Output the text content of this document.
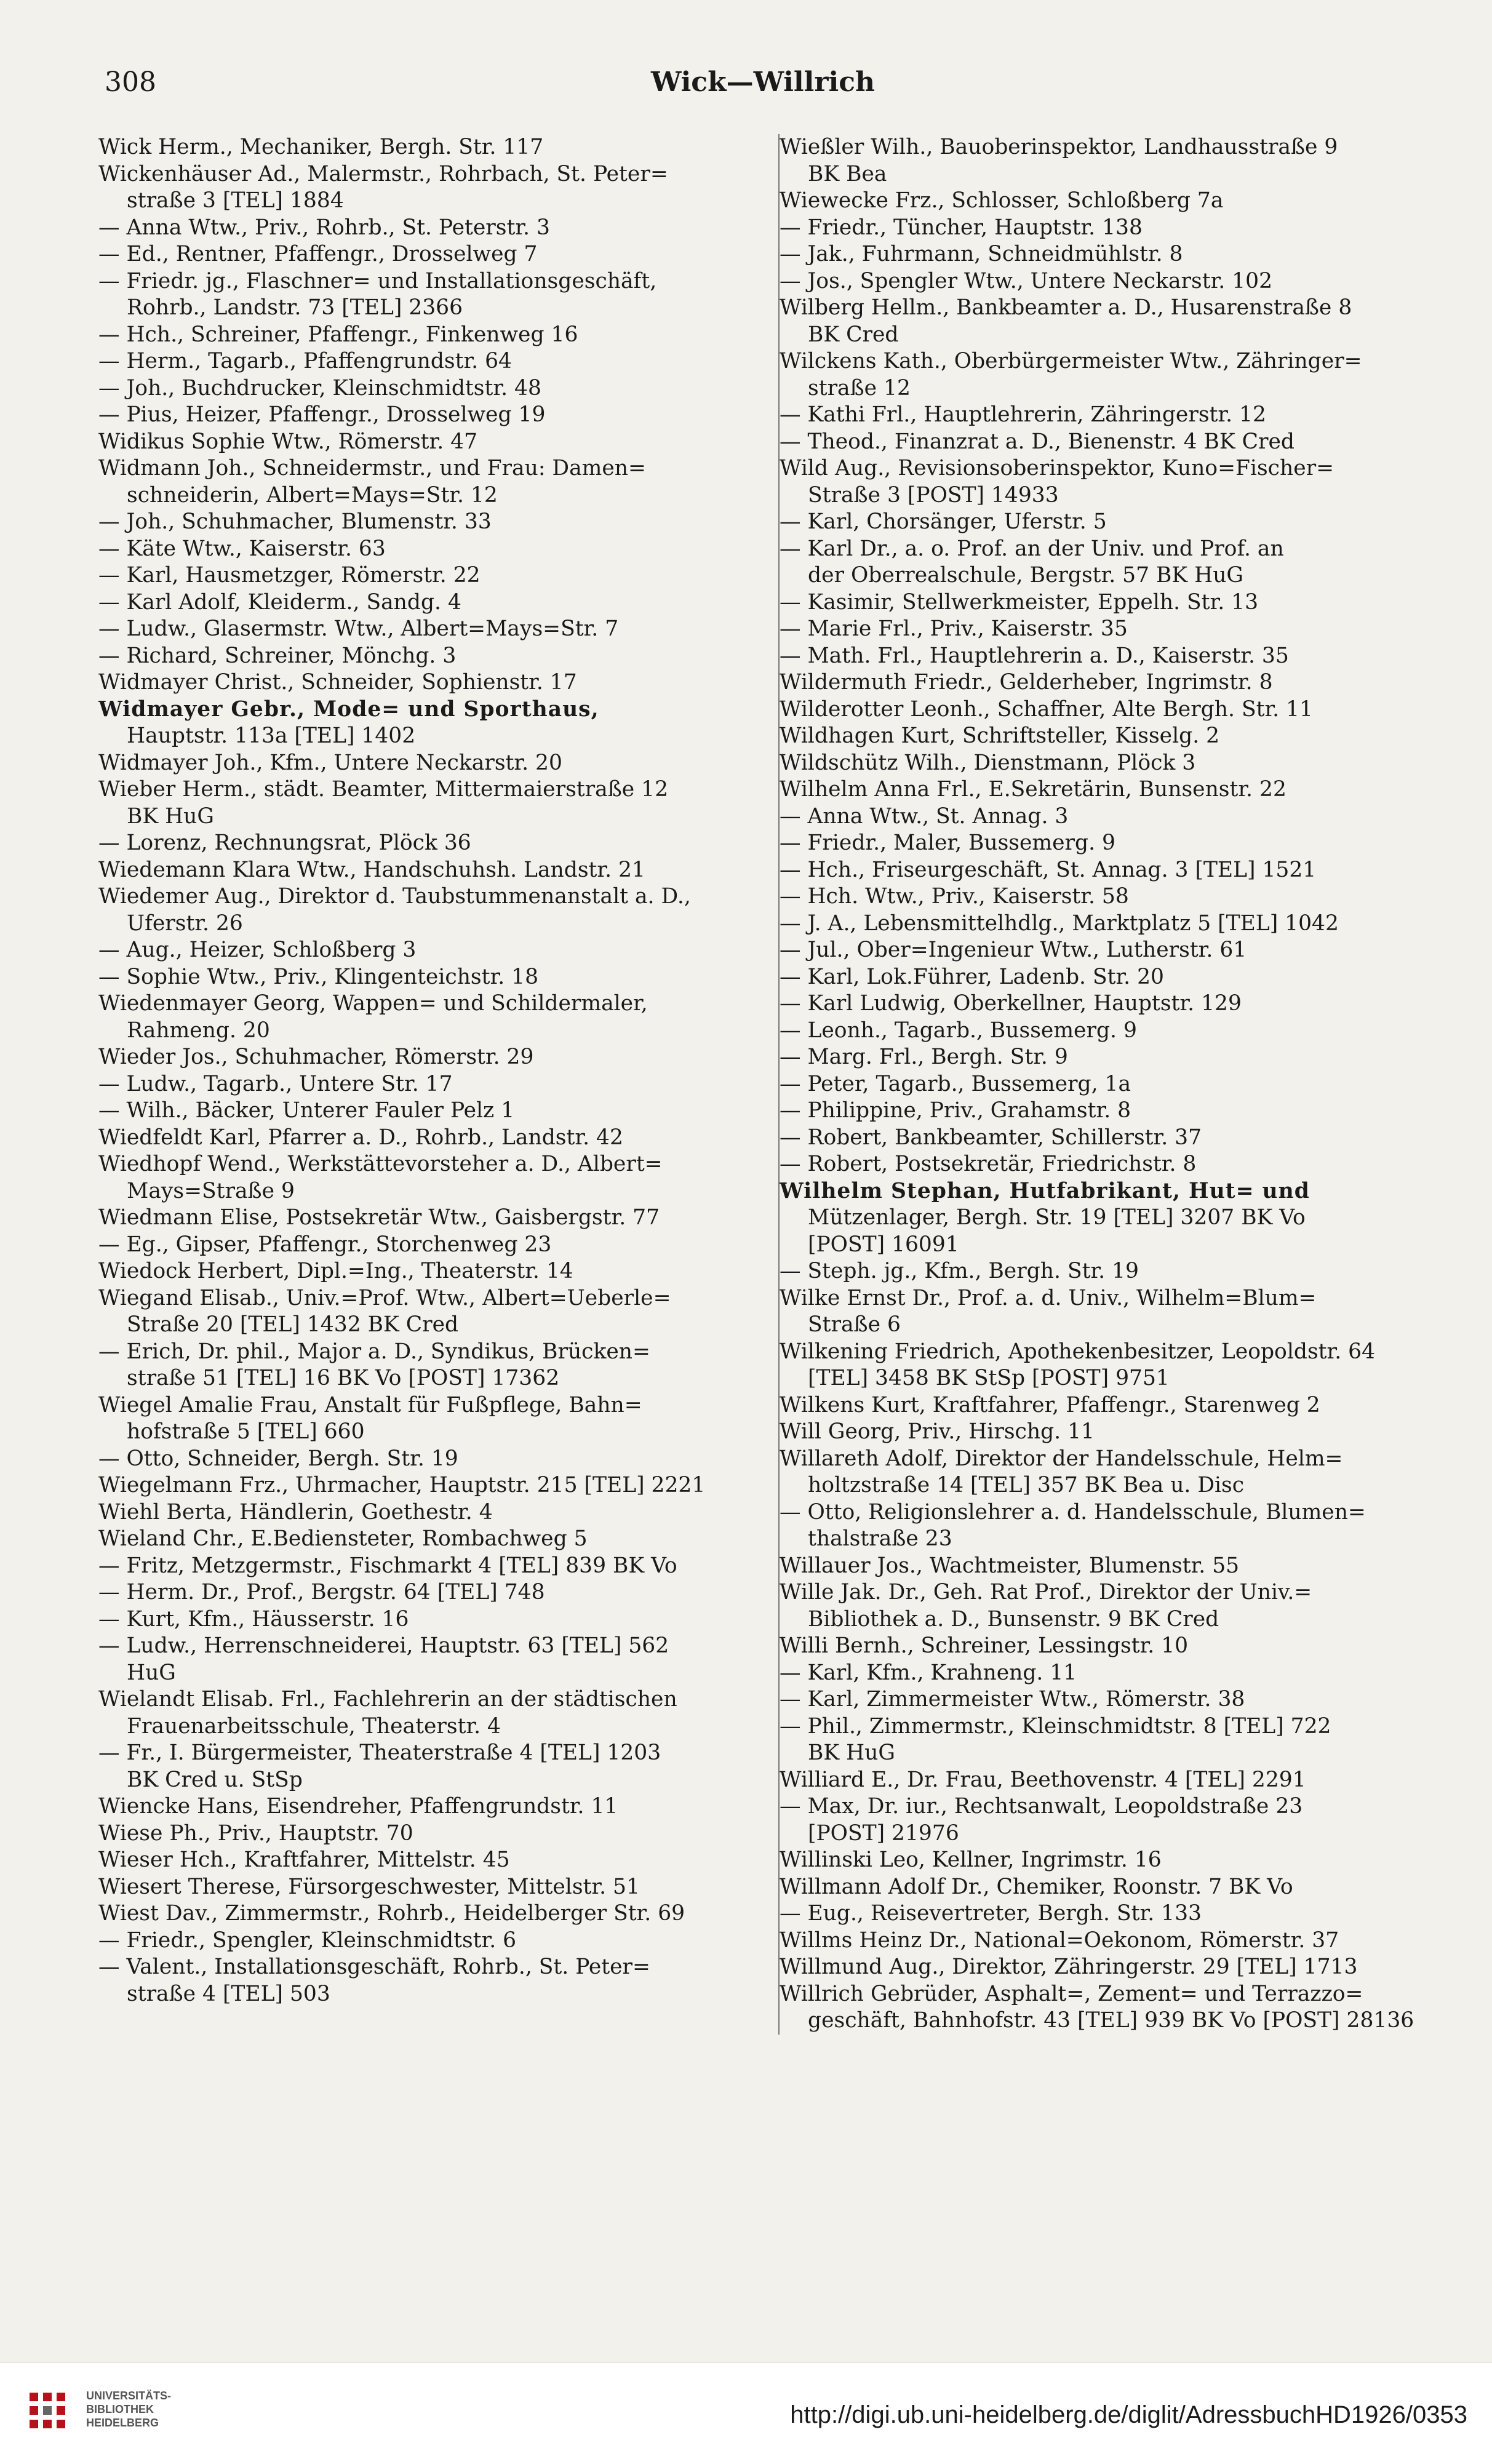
308	Wick—Willrich
Wick Herm., Mechaniker, Bergh. Str. 117
Wickenhäuser Ad., Malermstr., Rohrbach, St. Peter=
straße 3 [TEL] 1884
— Anna Wtw., Priv., Rohrb., St. Peterstr. 3
— Ed., Rentner, Pfaffengr., Drosselweg 7
— Friedr. jg., Flaschner= und Installationsgeschäft,
Rohrb., Landstr. 73 [TEL] 2366
— Hch., Schreiner, Pfaffengr., Finkenweg 16
— Herm., Tagarb., Pfaffengrundstr. 64
— Joh., Buchdrucker, Kleinschmidtstr. 48
— Pius, Heizer, Pfaffengr., Drosselweg 19
Widikus Sophie Wtw., Römerstr. 47
Widmann Joh., Schneidermstr., und Frau: Damen=
schneiderin, Albert=Mays=Str. 12
— Joh., Schuhmacher, Blumenstr. 33
— Käte Wtw., Kaiserstr. 63
— Karl, Hausmetzger, Römerstr. 22
— Karl Adolf, Kleiderm., Sandg. 4
— Ludw., Glasermstr. Wtw., Albert=Mays=Str. 7
— Richard, Schreiner, Mönchg. 3
Widmayer Christ., Schneider, Sophienstr. 17
Widmayer Gebr., Mode= und Sporthaus,
Hauptstr. 113a [TEL] 1402
Widmayer Joh., Kfm., Untere Neckarstr. 20
Wieber Herm., städt. Beamter, Mittermaierstraße 12
BK HuG
— Lorenz, Rechnungsrat, Plöck 36
Wiedemann Klara Wtw., Handschuhsh. Landstr. 21
Wiedemer Aug., Direktor d. Taubstummenanstalt a. D.,
Uferstr. 26
— Aug., Heizer, Schloßberg 3
— Sophie Wtw., Priv., Klingenteichstr. 18
Wiedenmayer Georg, Wappen= und Schildermaler,
Rahmeng. 20
Wieder Jos., Schuhmacher, Römerstr. 29
— Ludw., Tagarb., Untere Str. 17
— Wilh., Bäcker, Unterer Fauler Pelz 1
Wiedfeldt Karl, Pfarrer a. D., Rohrb., Landstr. 42
Wiedhopf Wend., Werkstättevorsteher a. D., Albert=
Mays=Straße 9
Wiedmann Elise, Postsekretär Wtw., Gaisbergstr. 77
— Eg., Gipser, Pfaffengr., Storchenweg 23
Wiedock Herbert, Dipl.=Ing., Theaterstr. 14
Wiegand Elisab., Univ.=Prof. Wtw., Albert=Ueberle=
Straße 20 [TEL] 1432 BK Cred
— Erich, Dr. phil., Major a. D., Syndikus, Brücken=
straße 51 [TEL] 16 BK Vo [POST] 17362
Wiegel Amalie Frau, Anstalt für Fußpflege, Bahn=
hofstraße 5 [TEL] 660
— Otto, Schneider, Bergh. Str. 19
Wiegelmann Frz., Uhrmacher, Hauptstr. 215 [TEL] 2221
Wiehl Berta, Händlerin, Goethestr. 4
Wieland Chr., E.Bediensteter, Rombachweg 5
— Fritz, Metzgermstr., Fischmarkt 4 [TEL] 839 BK Vo
— Herm. Dr., Prof., Bergstr. 64 [TEL] 748
— Kurt, Kfm., Häusserstr. 16
— Ludw., Herrenschneiderei, Hauptstr. 63 [TEL] 562
HuG
Wielandt Elisab. Frl., Fachlehrerin an der städtischen
Frauenarbeitsschule, Theaterstr. 4
— Fr., I. Bürgermeister, Theaterstraße 4 [TEL] 1203
BK Cred u. StSp
Wiencke Hans, Eisendreher, Pfaffengrundstr. 11
Wiese Ph., Priv., Hauptstr. 70
Wieser Hch., Kraftfahrer, Mittelstr. 45
Wiesert Therese, Fürsorgeschwester, Mittelstr. 51
Wiest Dav., Zimmermstr., Rohrb., Heidelberger Str. 69
— Friedr., Spengler, Kleinschmidtstr. 6
— Valent., Installationsgeschäft, Rohrb., St. Peter=
straße 4 [TEL] 503
Wießler Wilh., Bauoberinspektor, Landhausstraße 9
BK Bea
Wiewecke Frz., Schlosser, Schloßberg 7a
— Friedr., Tüncher, Hauptstr. 138
— Jak., Fuhrmann, Schneidmühlstr. 8
— Jos., Spengler Wtw., Untere Neckarstr. 102
Wilberg Hellm., Bankbeamter a. D., Husarenstraße 8
BK Cred
Wilckens Kath., Oberbürgermeister Wtw., Zähringer=
straße 12
— Kathi Frl., Hauptlehrerin, Zähringerstr. 12
— Theod., Finanzrat a. D., Bienenstr. 4 BK Cred
Wild Aug., Revisionsoberinspektor, Kuno=Fischer=
Straße 3 [POST] 14933
— Karl, Chorsänger, Uferstr. 5
— Karl Dr., a. o. Prof. an der Univ. und Prof. an
der Oberrealschule, Bergstr. 57 BK HuG
— Kasimir, Stellwerkmeister, Eppelh. Str. 13
— Marie Frl., Priv., Kaiserstr. 35
— Math. Frl., Hauptlehrerin a. D., Kaiserstr. 35
Wildermuth Friedr., Gelderheber, Ingrimstr. 8
Wilderotter Leonh., Schaffner, Alte Bergh. Str. 11
Wildhagen Kurt, Schriftsteller, Kisselg. 2
Wildschütz Wilh., Dienstmann, Plöck 3
Wilhelm Anna Frl., E.Sekretärin, Bunsenstr. 22
— Anna Wtw., St. Annag. 3
— Friedr., Maler, Bussemerg. 9
— Hch., Friseurgeschäft, St. Annag. 3 [TEL] 1521
— Hch. Wtw., Priv., Kaiserstr. 58
— J. A., Lebensmittelhdlg., Marktplatz 5 [TEL] 1042
— Jul., Ober=Ingenieur Wtw., Lutherstr. 61
— Karl, Lok.Führer, Ladenb. Str. 20
— Karl Ludwig, Oberkellner, Hauptstr. 129
— Leonh., Tagarb., Bussemerg. 9
— Marg. Frl., Bergh. Str. 9
— Peter, Tagarb., Bussemerg, 1a
— Philippine, Priv., Grahamstr. 8
— Robert, Bankbeamter, Schillerstr. 37
— Robert, Postsekretär, Friedrichstr. 8
Wilhelm Stephan, Hutfabrikant, Hut= und
Mützenlager, Bergh. Str. 19 [TEL] 3207 BK Vo
[POST] 16091
— Steph. jg., Kfm., Bergh. Str. 19
Wilke Ernst Dr., Prof. a. d. Univ., Wilhelm=Blum=
Straße 6
Wilkening Friedrich, Apothekenbesitzer, Leopoldstr. 64
[TEL] 3458 BK StSp [POST] 9751
Wilkens Kurt, Kraftfahrer, Pfaffengr., Starenweg 2
Will Georg, Priv., Hirschg. 11
Willareth Adolf, Direktor der Handelsschule, Helm=
holtzstraße 14 [TEL] 357 BK Bea u. Disc
— Otto, Religionslehrer a. d. Handelsschule, Blumen=
thalstraße 23
Willauer Jos., Wachtmeister, Blumenstr. 55
Wille Jak. Dr., Geh. Rat Prof., Direktor der Univ.=
Bibliothek a. D., Bunsenstr. 9 BK Cred
Willi Bernh., Schreiner, Lessingstr. 10
— Karl, Kfm., Krahneng. 11
— Karl, Zimmermeister Wtw., Römerstr. 38
— Phil., Zimmermstr., Kleinschmidtstr. 8 [TEL] 722
BK HuG
Williard E., Dr. Frau, Beethovenstr. 4 [TEL] 2291
— Max, Dr. iur., Rechtsanwalt, Leopoldstraße 23
[POST] 21976
Willinski Leo, Kellner, Ingrimstr. 16
Willmann Adolf Dr., Chemiker, Roonstr. 7 BK Vo
— Eug., Reisevertreter, Bergh. Str. 133
Willms Heinz Dr., National=Oekonom, Römerstr. 37
Willmund Aug., Direktor, Zähringerstr. 29 [TEL] 1713
Willrich Gebrüder, Asphalt=, Zement= und Terrazzo=
geschäft, Bahnhofstr. 43 [TEL] 939 BK Vo [POST] 28136
UNIVERSITÄTS-
BIBLIOTHEK
HEIDELBERG	http://digi.ub.uni-heidelberg.de/diglit/AdressbuchHD1926/0353
